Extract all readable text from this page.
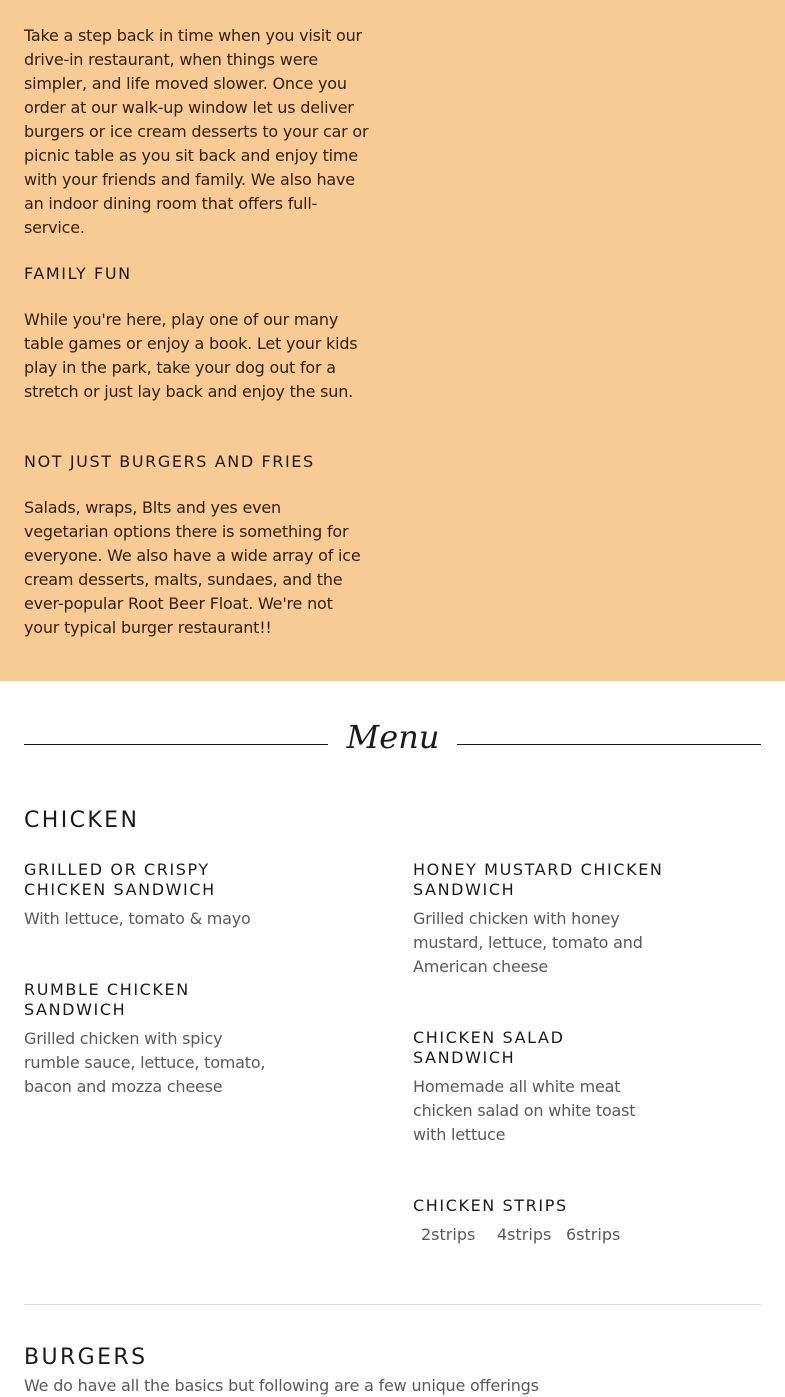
Take a step back in time when you visit our drive-in restaurant, when things were simpler, and life moved slower. Once you order at our walk-up window let us deliver burgers or ice cream desserts to your car or picnic table as you sit back and enjoy time with your friends and family. We also have an indoor dining room that offers full-service.
FAMILY FUN
While you're here, play one of our many table games or enjoy a book. Let your kids play in the park, take your dog out for a stretch or just lay back and enjoy the sun.
NOT JUST BURGERS AND FRIES
Salads, wraps, Blts and yes even vegetarian options there is something for everyone. We also have a wide array of ice cream desserts, malts, sundaes, and the ever-popular Root Beer Float. We're not your typical burger restaurant!!
Menu
CHICKEN
GRILLED OR CRISPY CHICKEN SANDWICH
With lettuce, tomato & mayo
HONEY MUSTARD CHICKEN SANDWICH
Grilled chicken with honey mustard, lettuce, tomato and American cheese
RUMBLE CHICKEN SANDWICH
Grilled chicken with spicy rumble sauce, lettuce, tomato, bacon and mozza cheese
CHICKEN SALAD SANDWICH
Homemade all white meat chicken salad on white toast with lettuce
CHICKEN STRIPS
2strips 4strips 6strips
BURGERS
We do have all the basics but following are a few unique offerings
